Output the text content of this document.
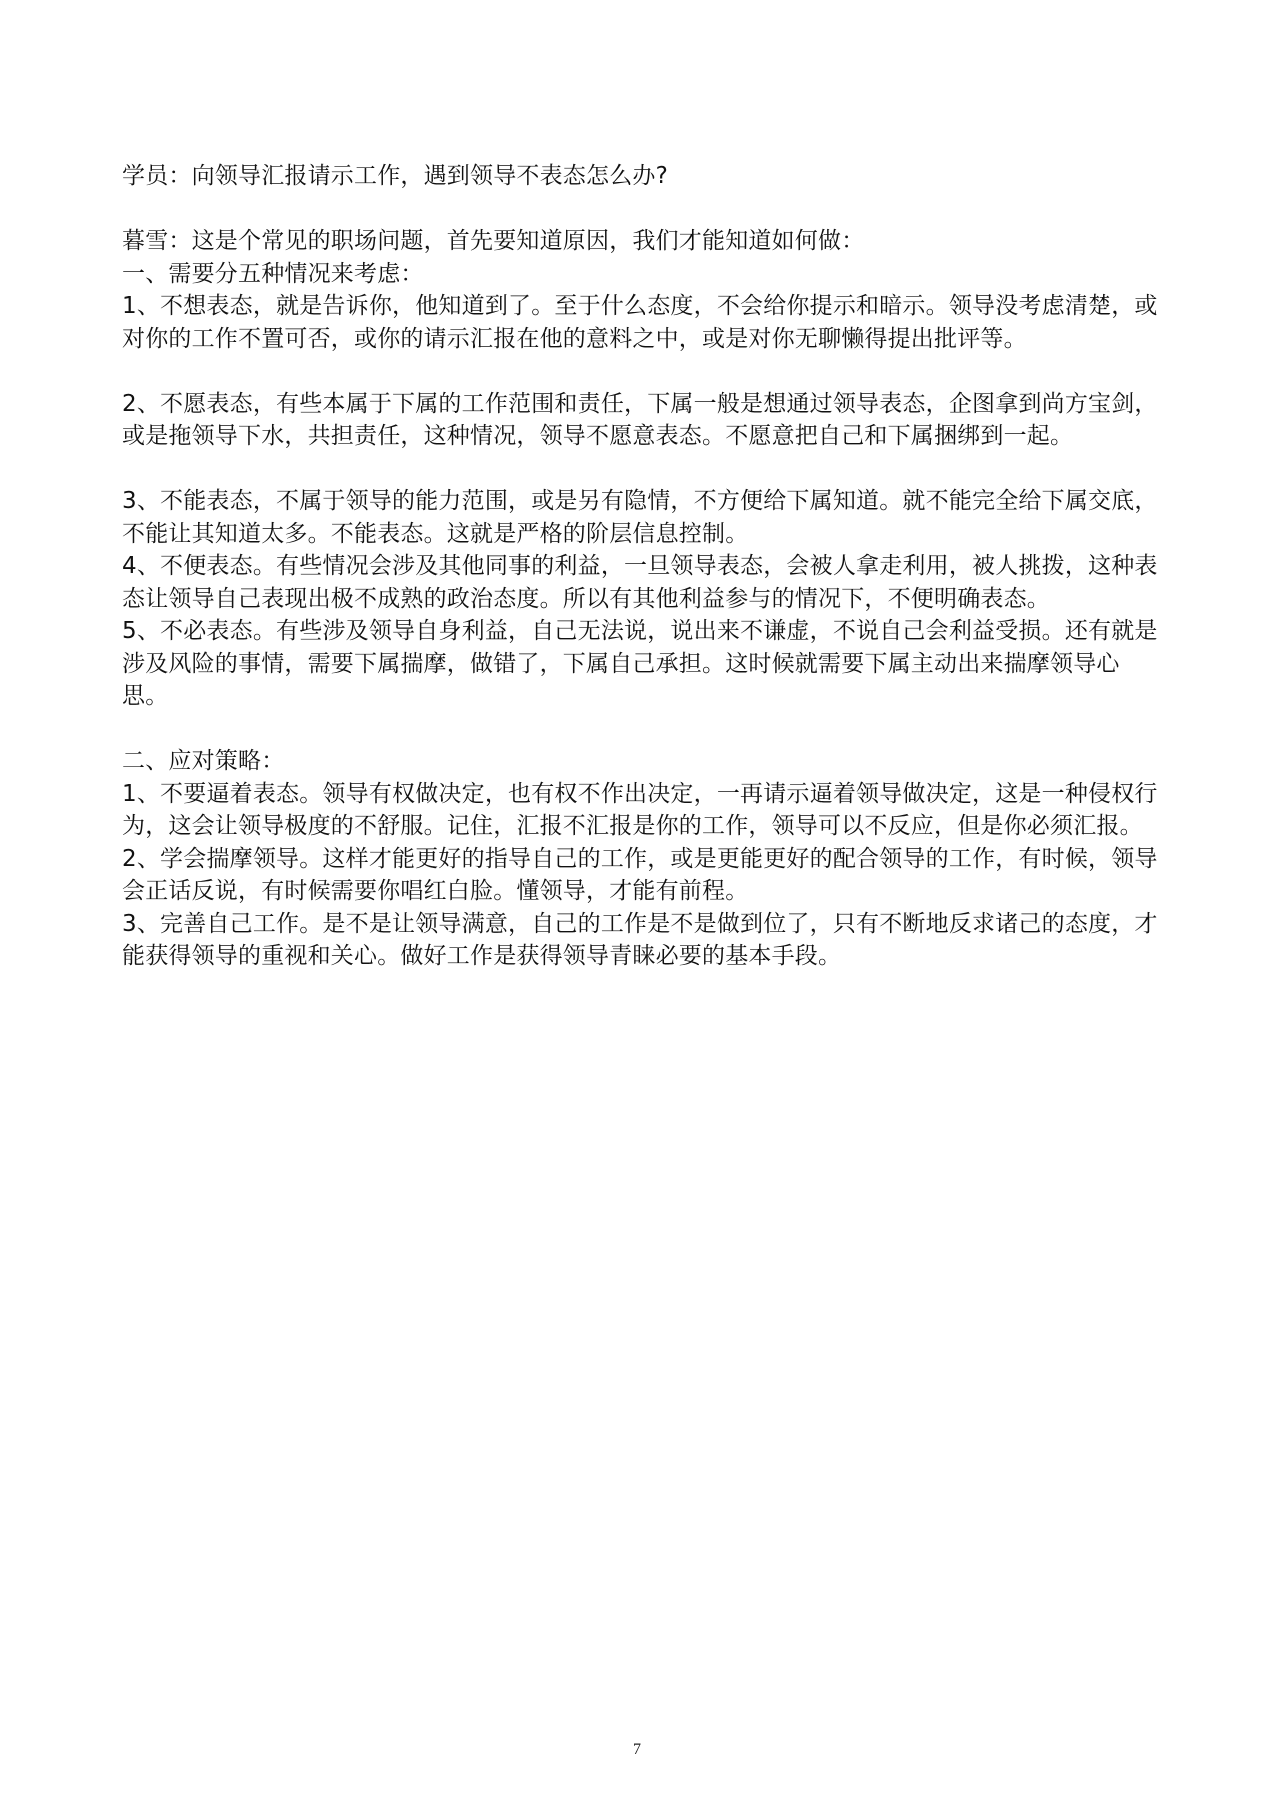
学员：向领导汇报请示工作，遇到领导不表态怎么办?

暮雪：这是个常见的职场问题，首先要知道原因，我们才能知道如何做：

一、需要分五种情况来考虑：

1、不想表态，就是告诉你，他知道到了。至于什么态度，不会给你提示和暗示。领导没考虑清楚，或对你的工作不置可否，或你的请示汇报在他的意料之中，或是对你无聊懒得提出批评等。

2、不愿表态，有些本属于下属的工作范围和责任，下属一般是想通过领导表态，企图拿到尚方宝剑，或是拖领导下水，共担责任，这种情况，领导不愿意表态。不愿意把自己和下属捆绑到一起。

3、不能表态，不属于领导的能力范围，或是另有隐情，不方便给下属知道。就不能完全给下属交底，不能让其知道太多。不能表态。这就是严格的阶层信息控制。

4、不便表态。有些情况会涉及其他同事的利益，一旦领导表态，会被人拿走利用，被人挑拨，这种表态让领导自己表现出极不成熟的政治态度。所以有其他利益参与的情况下，不便明确表态。

5、不必表态。有些涉及领导自身利益，自己无法说，说出来不谦虚，不说自己会利益受损。还有就是涉及风险的事情，需要下属揣摩，做错了，下属自己承担。这时候就需要下属主动出来揣摩领导心思。

二、应对策略：

1、不要逼着表态。领导有权做决定，也有权不作出决定，一再请示逼着领导做决定，这是一种侵权行为，这会让领导极度的不舒服。记住，汇报不汇报是你的工作，领导可以不反应，但是你必须汇报。

2、学会揣摩领导。这样才能更好的指导自己的工作，或是更能更好的配合领导的工作，有时候，领导会正话反说，有时候需要你唱红白脸。懂领导，才能有前程。

3、完善自己工作。是不是让领导满意，自己的工作是不是做到位了，只有不断地反求诸己的态度，才能获得领导的重视和关心。做好工作是获得领导青睐必要的基本手段。

7
